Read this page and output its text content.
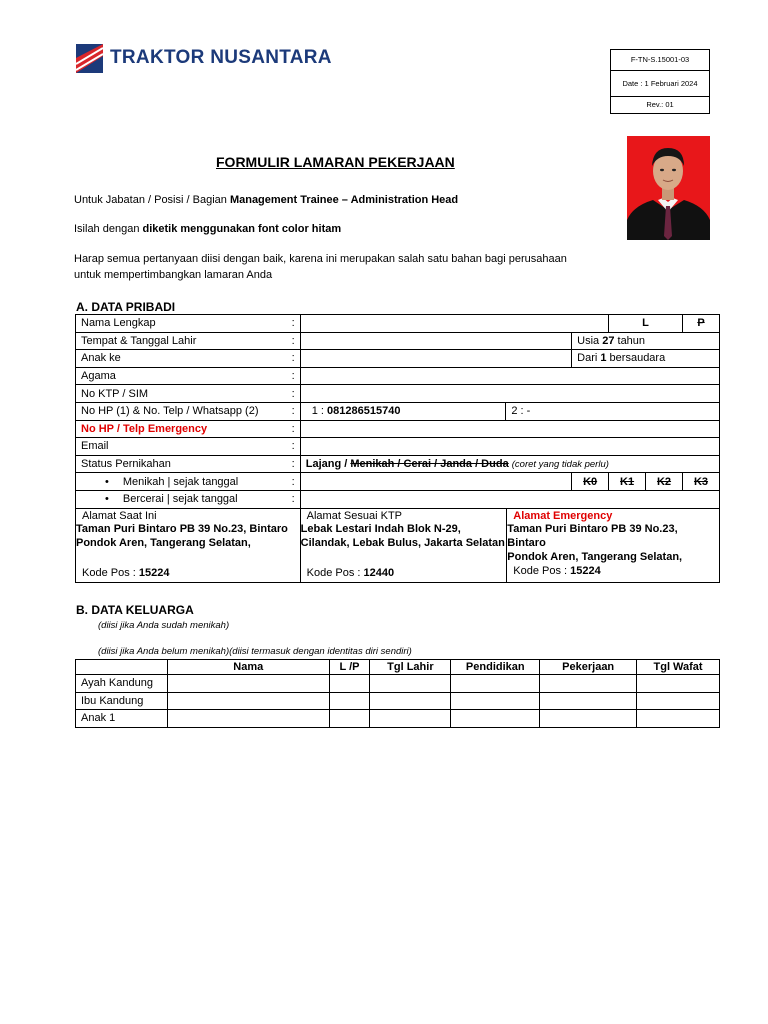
TRAKTOR NUSANTARA	F-TN-S.15001-03
Date : 1 Februari 2024
Rev.: 01
FORMULIR LAMARAN PEKERJAAN
Untuk Jabatan / Posisi / Bagian Management Trainee – Administration Head
Isilah dengan diketik menggunakan font color hitam
Harap semua pertanyaan diisi dengan baik, karena ini merupakan salah satu bahan bagi perusahaan
untuk mempertimbangkan lamaran Anda
A. DATA PRIBADI
Nama Lengkap :				L		P
Tempat & Tanggal Lahir :			Usia 27 tahun			
Anak ke :			Dari 1 bersaudara			
Agama :						

No KTP / SIM :						

No HP (1) & No. Telp / Whatsapp (2) :	1 : 081286515740	2 : -				
No HP / Telp Emergency :						

Email :						

Status Pernikahan :	Lajang / Menikah / Cerai / Janda / Duda (coret yang tidak perlu)					
• Menikah | sejak tanggal :			K0	K1	K2	K3
• Bercerai | sejak tanggal :						

Alamat Saat Ini
Taman Puri Bintaro PB 39 No.23, Bintaro
Pondok Aren, Tangerang Selatan,
Kode Pos : 15224

Alamat Sesuai KTP
Lebak Lestari Indah Blok N-29,
Cilandak, Lebak Bulus, Jakarta Selatan
Kode Pos : 12440

Alamat Emergency
Taman Puri Bintaro PB 39 No.23,
Bintaro
Pondok Aren, Tangerang Selatan,
Kode Pos : 15224
B. DATA KELUARGA
(diisi jika Anda sudah menikah)
(diisi jika Anda belum menikah)(diisi termasuk dengan identitas diri sendiri)
	Nama	L /P	Tgl Lahir	Pendidikan	Pekerjaan	Tgl Wafat
Ayah Kandung						
Ibu Kandung						
Anak 1						
